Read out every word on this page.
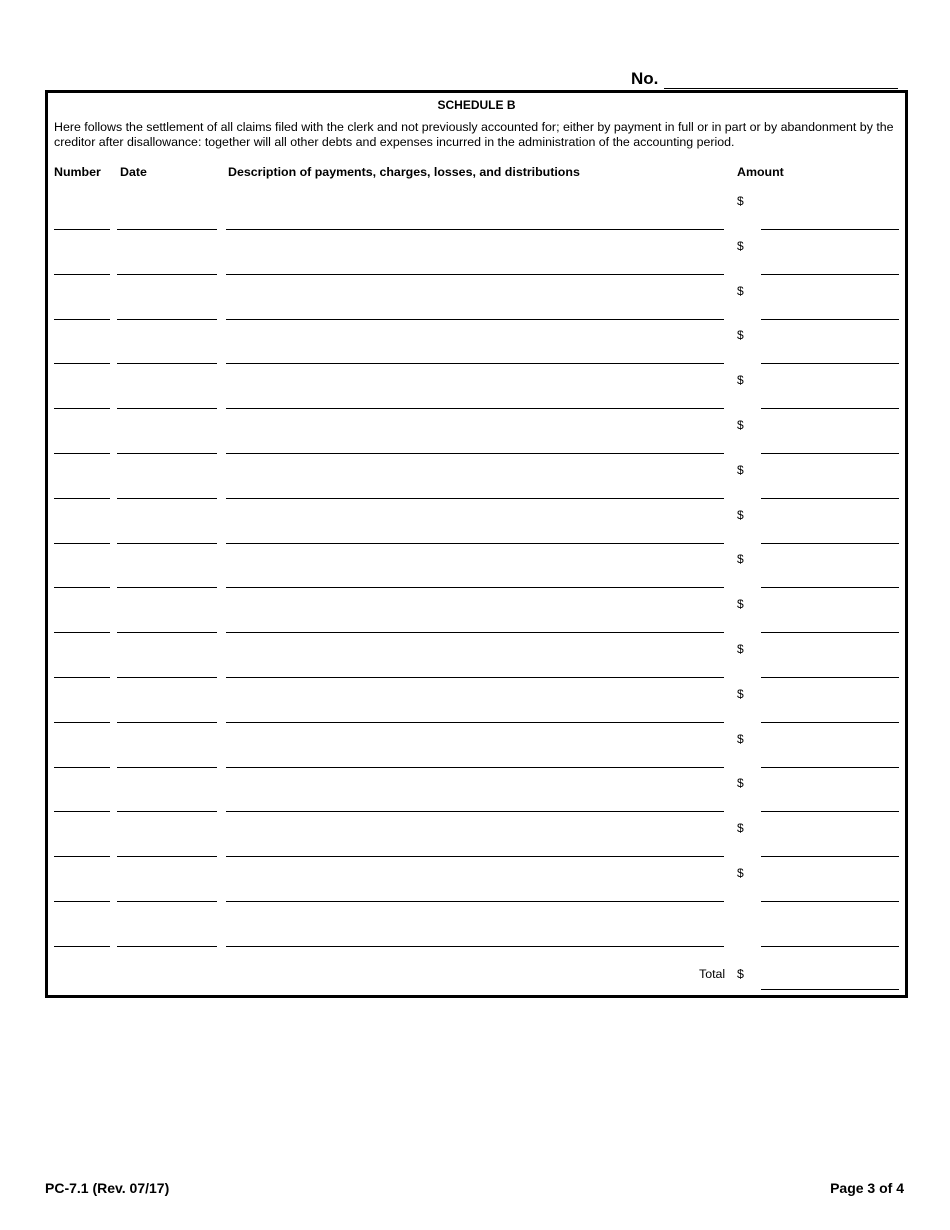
No.
SCHEDULE B
Here follows the settlement of all claims filed with the clerk and not previously accounted for; either by payment in full or in part or by abandonment by the creditor after disallowance: together will all other debts and expenses incurred in the administration of the accounting period.
Number Date	Description of payments, charges, losses, and distributions	Amount
$
$
$
$
$
$
$
$
$
$
$
$
$
$
$
$
Total $
PC-7.1 (Rev. 07/17)	Page 3 of 4
